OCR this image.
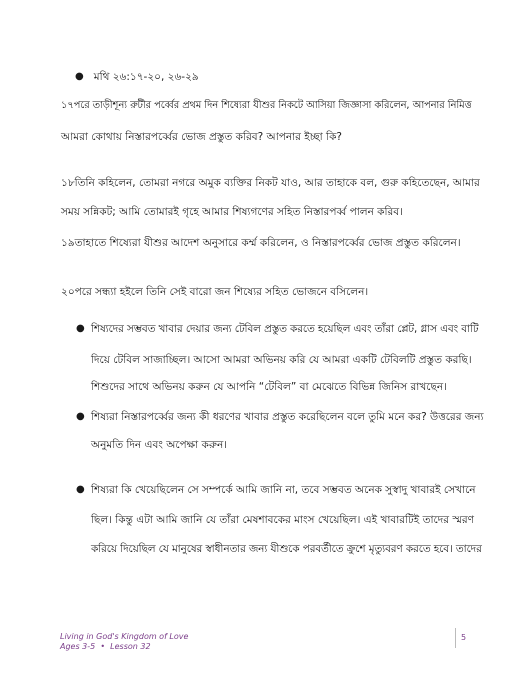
● মথি ২৬:১৭-২০, ২৬-২৯
১৭পরে তাড়ীশূন্য রুটীর পর্ব্বের প্রথম দিন শিষ্যেরা যীশুর নিকটে আসিয়া জিজ্ঞাসা করিলেন, আপনার নিমিত্ত
আমরা কোথায় নিস্তারপর্ব্বের ভোজ প্রস্তুত করিব? আপনার ইচ্ছা কি?
১৮তিনি কহিলেন, তোমরা নগরে অমুক ব্যক্তির নিকট যাও, আর তাহাকে বল, গুরু কহিতেছেন, আমার
সময় সন্নিকট; আমি তোমারই গৃহে আমার শিষ্যগণের সহিত নিস্তারপর্ব্ব পালন করিব।
১৯তাহাতে শিষ্যেরা যীশুর আদেশ অনুসারে কর্ম্ম করিলেন, ও নিস্তারপর্ব্বের ভোজ প্রস্তুত করিলেন।
২০পরে সন্ধ্যা হইলে তিনি সেই বারো জন শিষ্যের সহিত ভোজনে বসিলেন।
● শিষ্যদের সম্ভবত খাবার দেয়ার জন্য টেবিল প্রস্তুত করতে হয়েছিল এবং তাঁরা প্লেট, গ্লাস এবং বাটি
দিয়ে টেবিল সাজাচ্ছিল। আসো আমরা অভিনয় করি যে আমরা একটি টেবিলটি প্রস্তুত করছি।
শিশুদের সাথে অভিনয় করুন যে আপনি “টেবিল” বা মেঝেতে বিভিন্ন জিনিস রাখছেন।
● শিষ্যরা নিস্তারপর্ব্বের জন্য কী ধরণের খাবার প্রস্তুত করেছিলেন বলে তুমি মনে কর? উত্তরের জন্য
অনুমতি দিন এবং অপেক্ষা করুন।
● শিষ্যরা কি খেয়েছিলেন সে সম্পর্কে আমি জানি না, তবে সম্ভবত অনেক সুস্বাদু খাবারই সেখানে
ছিল। কিন্তু এটা আমি জানি যে তাঁরা মেষশাবকের মাংস খেয়েছিল। এই খাবারটিই তাদের স্মরণ
করিয়ে দিয়েছিল যে মানুষের স্বাধীনতার জন্য যীশুকে পরবর্তীতে ক্রুশে মৃত্যুবরণ করতে হবে। তাদের
Living in God's Kingdom of Love
Ages 3-5  •  Lesson 32
5
